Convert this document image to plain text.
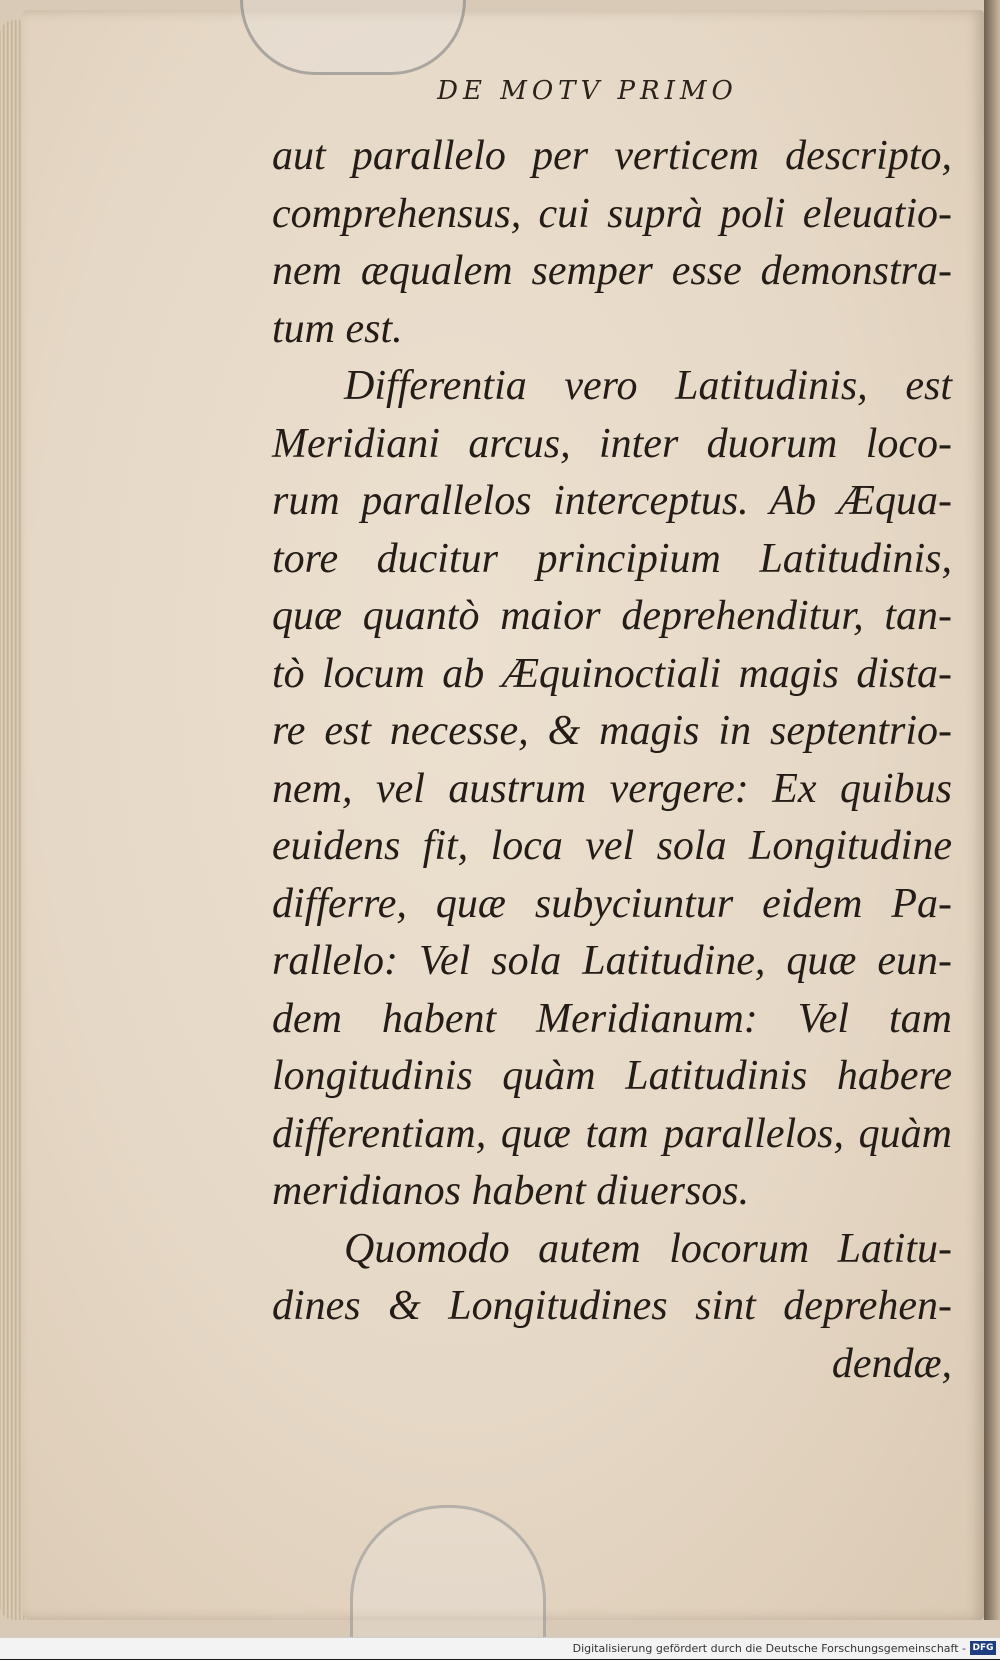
DE MOTV PRIMO
aut parallelo per verticem descripto,
comprehensus, cui suprà poli eleuatio-
nem æqualem semper esse demonstra-
tum est.
Differentia vero Latitudinis, est
Meridiani arcus, inter duorum loco-
rum parallelos interceptus. Ab Æqua-
tore ducitur principium Latitudinis,
quæ quantò maior deprehenditur, tan-
tò locum ab Æquinoctiali magis dista-
re est necesse, & magis in septentrio-
nem, vel austrum vergere: Ex quibus
euidens fit, loca vel sola Longitudine
differre, quæ subyciuntur eidem Pa-
rallelo: Vel sola Latitudine, quæ eun-
dem habent Meridianum: Vel tam
longitudinis quàm Latitudinis habere
differentiam, quæ tam parallelos, quàm
meridianos habent diuersos.
Quomodo autem locorum Latitu-
dines & Longitudines sint deprehen-
dendæ,
Digitalisierung gefördert durch die Deutsche Forschungsgemeinschaft - DFG
